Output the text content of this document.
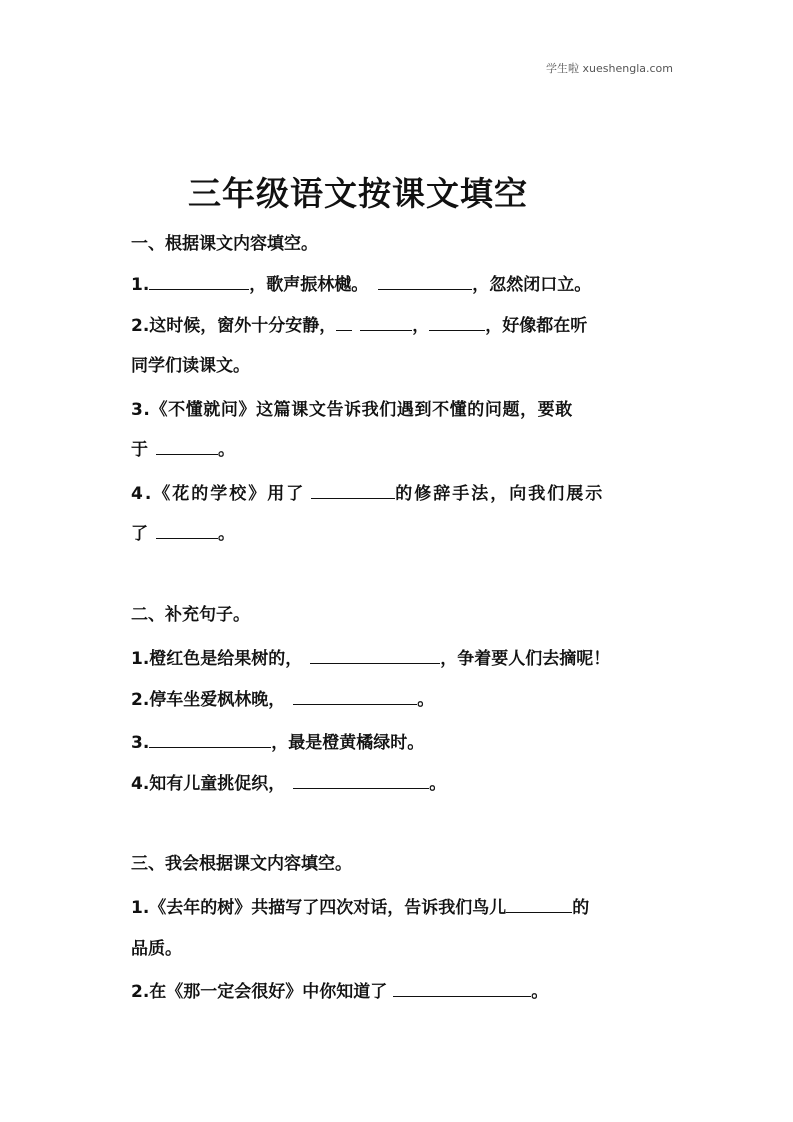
学生啦 xueshengla.com
三年级语文按课文填空
一、根据课文内容填空。
1.	，歌声振林樾。	，忽然闭口立。
2.这时候，窗外十分安静，	，	，好像都在听
同学们读课文。
3.《不懂就问》这篇课文告诉我们遇到不懂的问题，要敢
于	。
4.《花的学校》用了	的修辞手法，向我们展示
了	。
二、补充句子。
1.橙红色是给果树的，	，争着要人们去摘呢！
2.停车坐爱枫林晚，	。
3.	，最是橙黄橘绿时。
4.知有儿童挑促织，	。
三、我会根据课文内容填空。
1.《去年的树》共描写了四次对话，告诉我们鸟儿	的
品质。
2.在《那一定会很好》中你知道了	。
